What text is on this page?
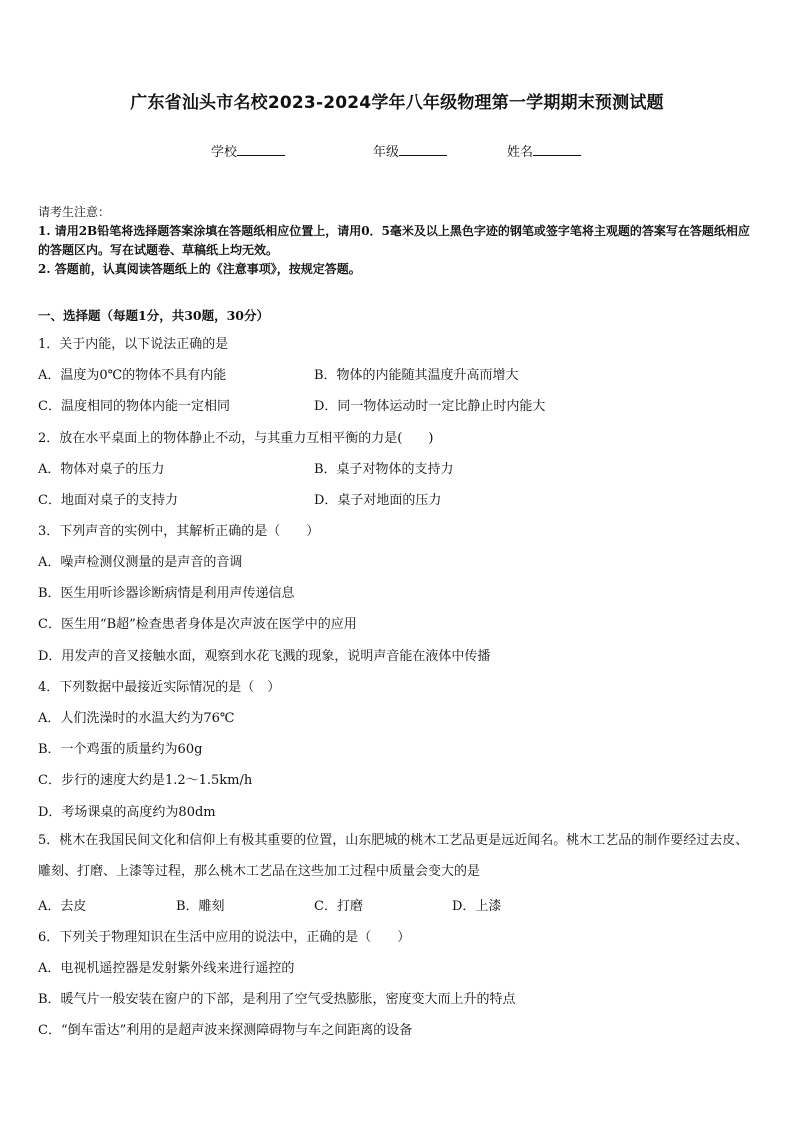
广东省汕头市名校2023-2024学年八年级物理第一学期期末预测试题
学校	年级	姓名
请考生注意：
1. 请用2B铅笔将选择题答案涂填在答题纸相应位置上，请用0．5毫米及以上黑色字迹的钢笔或签字笔将主观题的答案写在答题纸相应的答题区内。写在试题卷、草稿纸上均无效。
2. 答题前，认真阅读答题纸上的《注意事项》，按规定答题。
一、选择题（每题1分，共30题，30分）
1．关于内能，以下说法正确的是
A．温度为0℃的物体不具有内能	B．物体的内能随其温度升高而增大
C．温度相同的物体内能一定相同	D．同一物体运动时一定比静止时内能大
2．放在水平桌面上的物体静止不动，与其重力互相平衡的力是(　　)
A．物体对桌子的压力	B．桌子对物体的支持力
C．地面对桌子的支持力	D．桌子对地面的压力
3．下列声音的实例中，其解析正确的是（　　）
A．噪声检测仪测量的是声音的音调
B．医生用听诊器诊断病情是利用声传递信息
C．医生用“B超”检查患者身体是次声波在医学中的应用
D．用发声的音叉接触水面，观察到水花飞溅的现象，说明声音能在液体中传播
4．下列数据中最接近实际情况的是（　）
A．人们洗澡时的水温大约为76℃
B．一个鸡蛋的质量约为60g
C．步行的速度大约是1.2～1.5km/h
D．考场课桌的高度约为80dm
5．桃木在我国民间文化和信仰上有极其重要的位置，山东肥城的桃木工艺品更是远近闻名。桃木工艺品的制作要经过去皮、雕刻、打磨、上漆等过程，那么桃木工艺品在这些加工过程中质量会变大的是
A．去皮	B．雕刻	C．打磨	D．上漆
6．下列关于物理知识在生活中应用的说法中，正确的是（　　）
A．电视机遥控器是发射紫外线来进行遥控的
B．暖气片一般安装在窗户的下部，是利用了空气受热膨胀，密度变大而上升的特点
C．“倒车雷达”利用的是超声波来探测障碍物与车之间距离的设备
